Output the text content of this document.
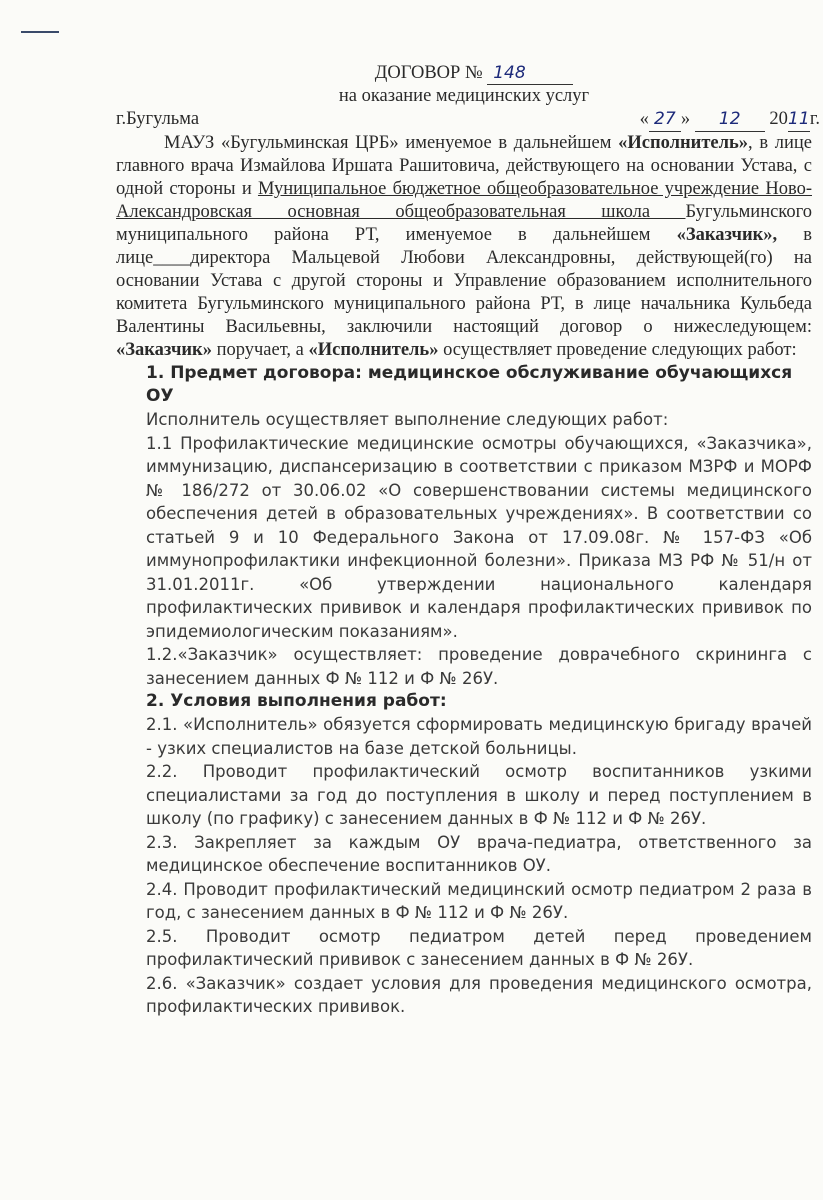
ДОГОВОР № 148
на оказание медицинских услуг
г.Бугульма	« 27 » 12 2011г.

МАУЗ «Бугульминская ЦРБ» именуемое в дальнейшем «Исполнитель», в лице главного врача Измайлова Иршата Рашитовича, действующего на основании Устава, с одной стороны и Муниципальное бюджетное общеобразовательное учреждение Ново-Александровская основная общеобразовательная школа Бугульминского муниципального района РТ, именуемое в дальнейшем «Заказчик», в лице____директора Мальцевой Любови Александровны, действующей(го) на основании Устава с другой стороны и Управление образованием исполнительного комитета Бугульминского муниципального района РТ, в лице начальника Кульбеда Валентины Васильевны, заключили настоящий договор о нижеследующем: «Заказчик» поручает, а «Исполнитель» осуществляет проведение следующих работ:

1. Предмет договора: медицинское обслуживание обучающихся ОУ

Исполнитель осуществляет выполнение следующих работ:

1.1 Профилактические медицинские осмотры обучающихся, «Заказчика», иммунизацию, диспансеризацию в соответствии с приказом МЗРФ и МОРФ № 186/272 от 30.06.02 «О совершенствовании системы медицинского обеспечения детей в образовательных учреждениях». В соответствии со статьей 9 и 10 Федерального Закона от 17.09.08г. № 157-ФЗ «Об иммунопрофилактики инфекционной болезни». Приказа МЗ РФ № 51/н от 31.01.2011г. «Об утверждении национального календаря профилактических прививок и календаря профилактических прививок по эпидемиологическим показаниям».

1.2.«Заказчик» осуществляет: проведение доврачебного скрининга с занесением данных Ф № 112 и Ф № 26У.

2. Условия выполнения работ:

2.1. «Исполнитель» обязуется сформировать медицинскую бригаду врачей - узких специалистов на базе детской больницы.

2.2. Проводит профилактический осмотр воспитанников узкими специалистами за год до поступления в школу и перед поступлением в школу (по графику) с занесением данных в Ф № 112 и Ф № 26У.

2.3. Закрепляет за каждым ОУ врача-педиатра, ответственного за медицинское обеспечение воспитанников ОУ.

2.4. Проводит профилактический медицинский осмотр педиатром 2 раза в год, с занесением данных в Ф № 112 и Ф № 26У.

2.5. Проводит осмотр педиатром детей перед проведением профилактический прививок с занесением данных в Ф № 26У.

2.6. «Заказчик» создает условия для проведения медицинского осмотра, профилактических прививок.
